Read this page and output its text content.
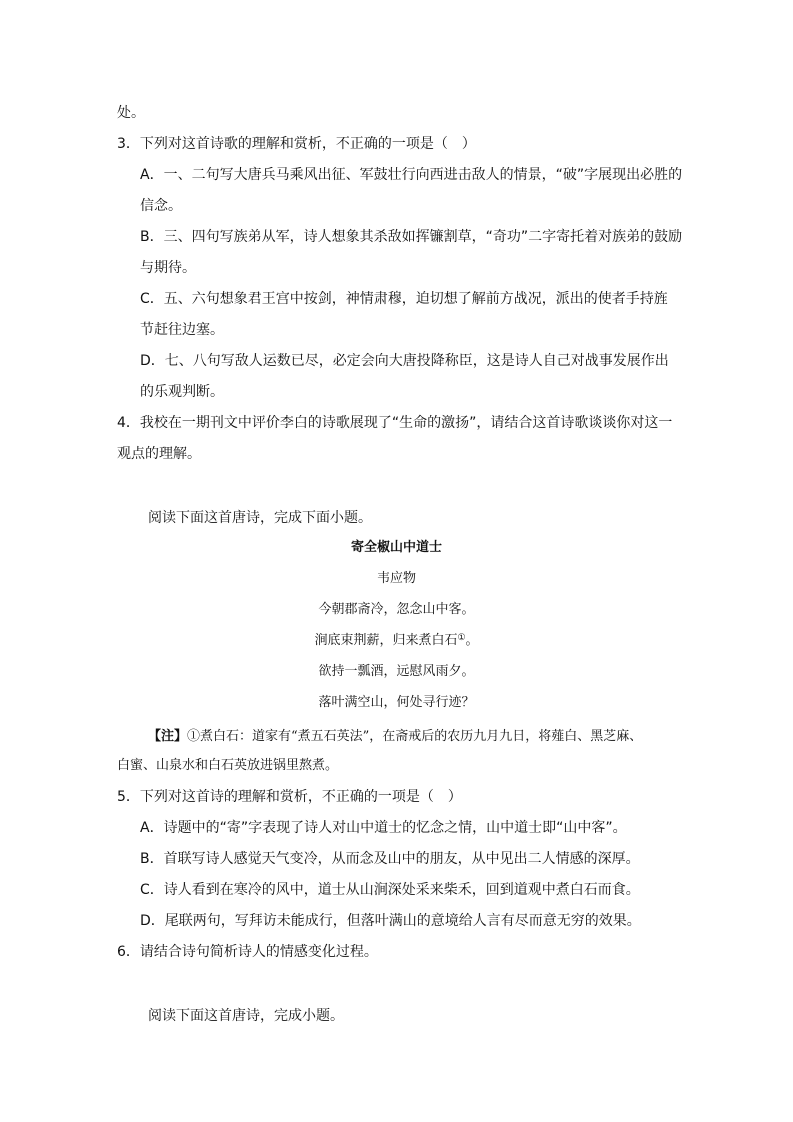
处。
3．下列对这首诗歌的理解和赏析，不正确的一项是（　）
A．一、二句写大唐兵马乘风出征、军鼓壮行向西进击敌人的情景，“破”字展现出必胜的
信念。
B．三、四句写族弟从军，诗人想象其杀敌如挥镰割草，“奇功”二字寄托着对族弟的鼓励
与期待。
C．五、六句想象君王宫中按剑，神情肃穆，迫切想了解前方战况，派出的使者手持旌
节赶往边塞。
D．七、八句写敌人运数已尽，必定会向大唐投降称臣，这是诗人自己对战事发展作出
的乐观判断。
4．我校在一期刊文中评价李白的诗歌展现了“生命的激扬”，请结合这首诗歌谈谈你对这一
观点的理解。
阅读下面这首唐诗，完成下面小题。
寄全椒山中道士
韦应物
今朝郡斋冷，忽念山中客。
涧底束荆薪，归来煮白石①。
欲持一瓢酒，远慰风雨夕。
落叶满空山，何处寻行迹？
【注】①煮白石：道家有“煮五石英法”，在斋戒后的农历九月九日，将薤白、黑芝麻、
白蜜、山泉水和白石英放进锅里熬煮。
5．下列对这首诗的理解和赏析，不正确的一项是（　）
A．诗题中的“寄”字表现了诗人对山中道士的忆念之情，山中道士即“山中客”。
B．首联写诗人感觉天气变冷，从而念及山中的朋友，从中见出二人情感的深厚。
C．诗人看到在寒冷的风中，道士从山涧深处采来柴禾，回到道观中煮白石而食。
D．尾联两句，写拜访未能成行，但落叶满山的意境给人言有尽而意无穷的效果。
6．请结合诗句简析诗人的情感变化过程。
阅读下面这首唐诗，完成小题。
